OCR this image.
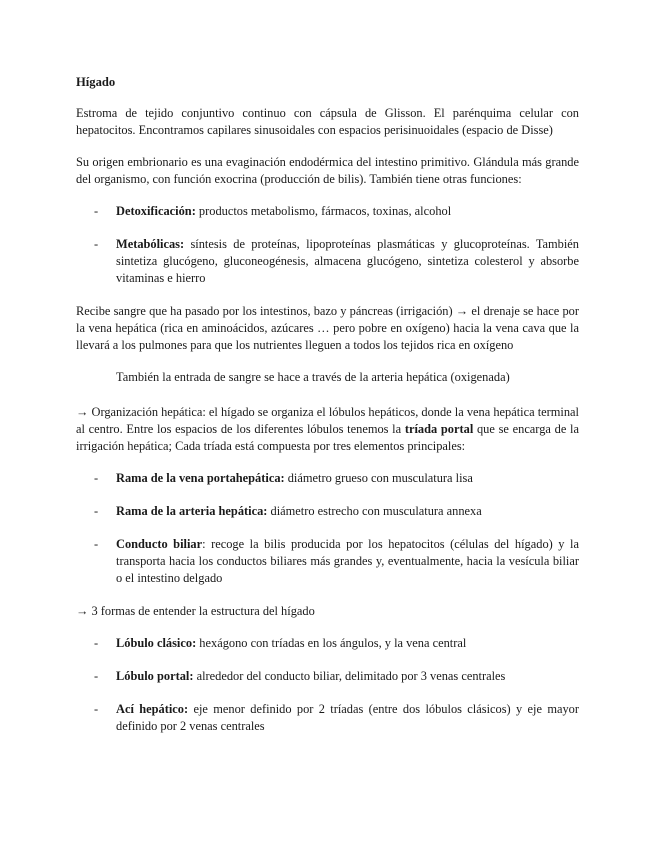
Hígado

Estroma de tejido conjuntivo continuo con cápsula de Glisson. El parénquima celular con hepatocitos. Encontramos capilares sinusoidales con espacios perisinuoidales (espacio de Disse)

Su origen embrionario es una evaginación endodérmica del intestino primitivo. Glándula más grande del organismo, con función exocrina (producción de bilis). También tiene otras funciones:

- Detoxificación: productos metabolismo, fármacos, toxinas, alcohol
- Metabólicas: síntesis de proteínas, lipoproteínas plasmáticas y glucoproteínas. También sintetiza glucógeno, gluconeogénesis, almacena glucógeno, sintetiza colesterol y absorbe vitaminas e hierro

Recibe sangre que ha pasado por los intestinos, bazo y páncreas (irrigación) → el drenaje se hace por la vena hepática (rica en aminoácidos, azúcares … pero pobre en oxígeno) hacia la vena cava que la llevará a los pulmones para que los nutrientes lleguen a todos los tejidos rica en oxígeno

También la entrada de sangre se hace a través de la arteria hepática (oxigenada)

→ Organización hepática: el hígado se organiza el lóbulos hepáticos, donde la vena hepática terminal al centro. Entre los espacios de los diferentes lóbulos tenemos la tríada portal que se encarga de la irrigación hepática; Cada tríada está compuesta por tres elementos principales:

- Rama de la vena portahepática: diámetro grueso con musculatura lisa
- Rama de la arteria hepática: diámetro estrecho con musculatura annexa
- Conducto biliar: recoge la bilis producida por los hepatocitos (células del hígado) y la transporta hacia los conductos biliares más grandes y, eventualmente, hacia la vesícula biliar o el intestino delgado

→ 3 formas de entender la estructura del hígado

- Lóbulo clásico: hexágono con tríadas en los ángulos, y la vena central
- Lóbulo portal: alrededor del conducto biliar, delimitado por 3 venas centrales
- Ací hepático: eje menor definido por 2 tríadas (entre dos lóbulos clásicos) y eje mayor definido por 2 venas centrales
